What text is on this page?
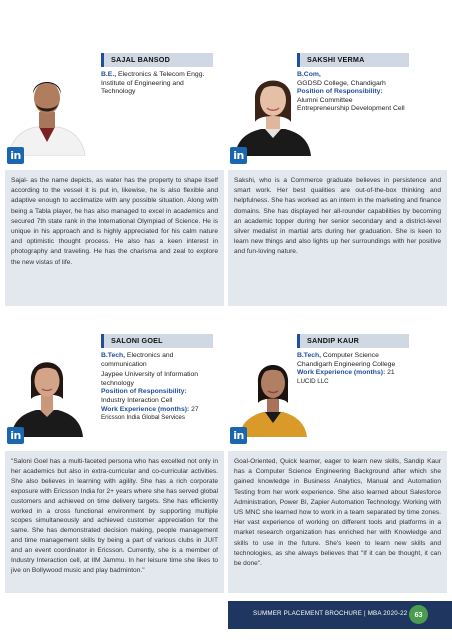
SAJAL BANSOD
B.E., Electronics & Telecom Engg.
Institute of Engineering and
Technology
in
Sajal- as the name depicts, as water has the property to shape itself according to the vessel it is put in, likewise, he is also flexible and adaptive enough to acclimatize with any possible situation. Along with being a Tabla player, he has also managed to excel in academics and secured 7th state rank in the International Olympiad of Science. He is unique in his approach and is highly appreciated for his calm nature and optimistic thought process. He also has a keen interest in photography and traveling. He has the charisma and zeal to explore the new vistas of life.
SAKSHI VERMA
B.Com,
GGDSD College, Chandigarh
Position of Responsibility:
Alumni Committee
Entrepreneurship Development Cell
in
Sakshi, who is a Commerce graduate believes in persistence and smart work. Her best qualities are out-of-the-box thinking and helpfulness. She has worked as an intern in the marketing and finance domains. She has displayed her all-rounder capabilities by becoming an academic topper during her senior secondary and a district-level silver medalist in martial arts during her graduation. She is keen to learn new things and also lights up her surroundings with her positive and fun-loving nature.
SALONI GOEL
B.Tech, Electronics and
communication
Jaypee University of Information
technology
Position of Responsibility:
Industry Interaction Cell
Work Experience (months): 27
Ericsson India Global Services
in
"Saloni Goel has a multi-faceted persona who has excelled not only in her academics but also in extra-curricular and co-curricular activities. She also believes in learning with agility. She has a rich corporate exposure with Ericsson India for 2+ years where she has served global customers and achieved on time delivery targets. She has efficiently worked in a cross functional environment by supporting multiple scopes simultaneously and achieved customer appreciation for the same. She has demonstrated decision making, people management and time management skills by being a part of various clubs in JUIT and an event coordinator in Ericsson. Currently, she is a member of Industry Interaction cell, at IIM Jammu. In her leisure time she likes to jive on Bollywood music and play badminton."
SANDIP KAUR
B.Tech, Computer Science
Chandigarh Engineering College
Work Experience (months): 21
LUCID LLC
in
Goal-Oriented, Quick learner, eager to learn new skills, Sandip Kaur has a Computer Science Engineering Background after which she gained knowledge in Business Analytics, Manual and Automation Testing from her work experience. She also learned about Salesforce Administration, Power BI, Zapier Automation Technology. Working with US MNC she learned how to work in a team separated by time zones. Her vast experience of working on different tools and platforms in a market research organization has enriched her with Knowledge and skills to use in the future. She's keen to learn new skills and technologies, as she always believes that "If it can be thought, it can be done".
SUMMER PLACEMENT BROCHURE | MBA 2020-22 63
